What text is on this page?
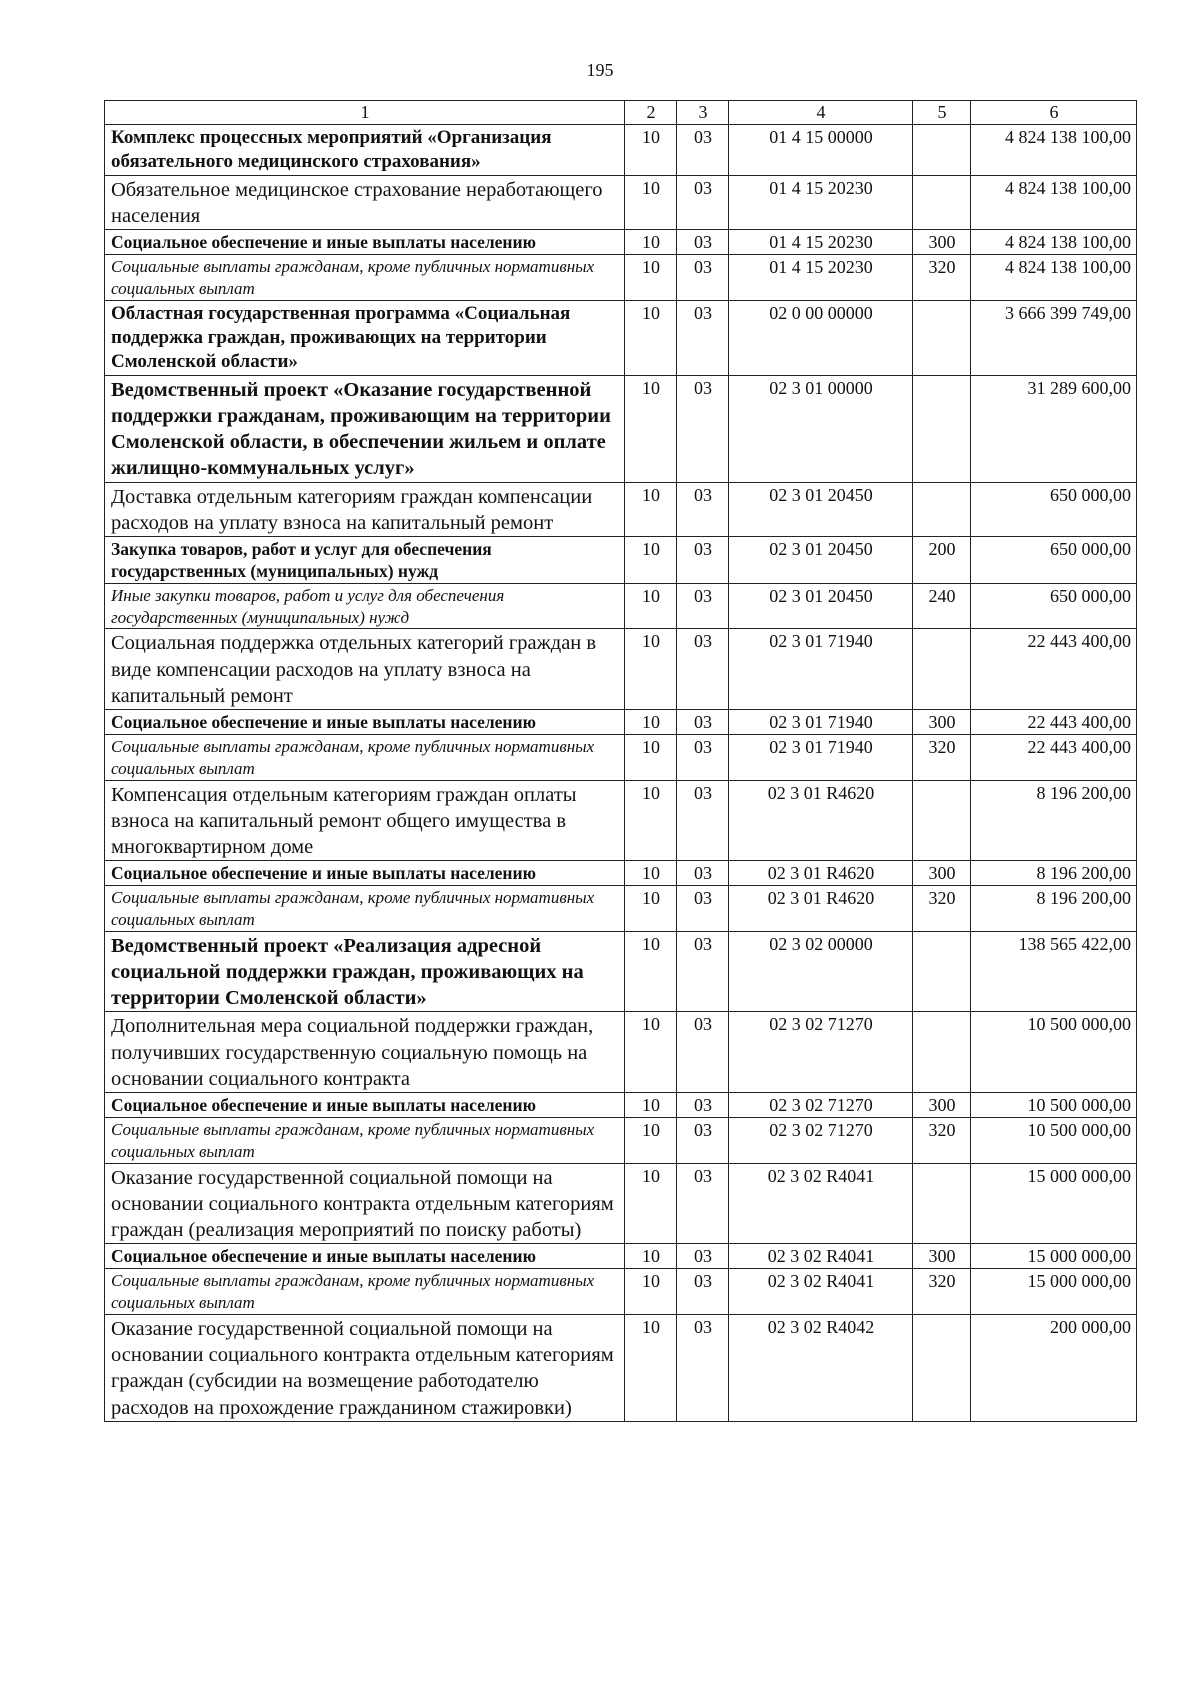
195
1	2	3	4	5	6
Комплекс процессных мероприятий «Организация обязательного медицинского страхования»	10	03	01 4 15 00000		4 824 138 100,00
Обязательное медицинское страхование неработающего населения	10	03	01 4 15 20230		4 824 138 100,00
Социальное обеспечение и иные выплаты населению	10	03	01 4 15 20230	300	4 824 138 100,00
Социальные выплаты гражданам, кроме публичных нормативных социальных выплат	10	03	01 4 15 20230	320	4 824 138 100,00
Областная государственная программа «Социальная поддержка граждан, проживающих на территории Смоленской области»	10	03	02 0 00 00000		3 666 399 749,00
Ведомственный проект «Оказание государственной поддержки гражданам, проживающим на территории Смоленской области, в обеспечении жильем и оплате жилищно-коммунальных услуг»	10	03	02 3 01 00000		31 289 600,00
Доставка отдельным категориям граждан компенсации расходов на уплату взноса на капитальный ремонт	10	03	02 3 01 20450		650 000,00
Закупка товаров, работ и услуг для обеспечения государственных (муниципальных) нужд	10	03	02 3 01 20450	200	650 000,00
Иные закупки товаров, работ и услуг для обеспечения государственных (муниципальных) нужд	10	03	02 3 01 20450	240	650 000,00
Социальная поддержка отдельных категорий граждан в виде компенсации расходов на уплату взноса на капитальный ремонт	10	03	02 3 01 71940		22 443 400,00
Социальное обеспечение и иные выплаты населению	10	03	02 3 01 71940	300	22 443 400,00
Социальные выплаты гражданам, кроме публичных нормативных социальных выплат	10	03	02 3 01 71940	320	22 443 400,00
Компенсация отдельным категориям граждан оплаты взноса на капитальный ремонт общего имущества в многоквартирном доме	10	03	02 3 01 R4620		8 196 200,00
Социальное обеспечение и иные выплаты населению	10	03	02 3 01 R4620	300	8 196 200,00
Социальные выплаты гражданам, кроме публичных нормативных социальных выплат	10	03	02 3 01 R4620	320	8 196 200,00
Ведомственный проект «Реализация адресной социальной поддержки граждан, проживающих на территории Смоленской области»	10	03	02 3 02 00000		138 565 422,00
Дополнительная мера социальной поддержки граждан, получивших государственную социальную помощь на основании социального контракта	10	03	02 3 02 71270		10 500 000,00
Социальное обеспечение и иные выплаты населению	10	03	02 3 02 71270	300	10 500 000,00
Социальные выплаты гражданам, кроме публичных нормативных социальных выплат	10	03	02 3 02 71270	320	10 500 000,00
Оказание государственной социальной помощи на основании социального контракта отдельным категориям граждан (реализация мероприятий по поиску работы)	10	03	02 3 02 R4041		15 000 000,00
Социальное обеспечение и иные выплаты населению	10	03	02 3 02 R4041	300	15 000 000,00
Социальные выплаты гражданам, кроме публичных нормативных социальных выплат	10	03	02 3 02 R4041	320	15 000 000,00
Оказание государственной социальной помощи на основании социального контракта отдельным категориям граждан (субсидии на возмещение работодателю расходов на прохождение гражданином стажировки)	10	03	02 3 02 R4042		200 000,00
